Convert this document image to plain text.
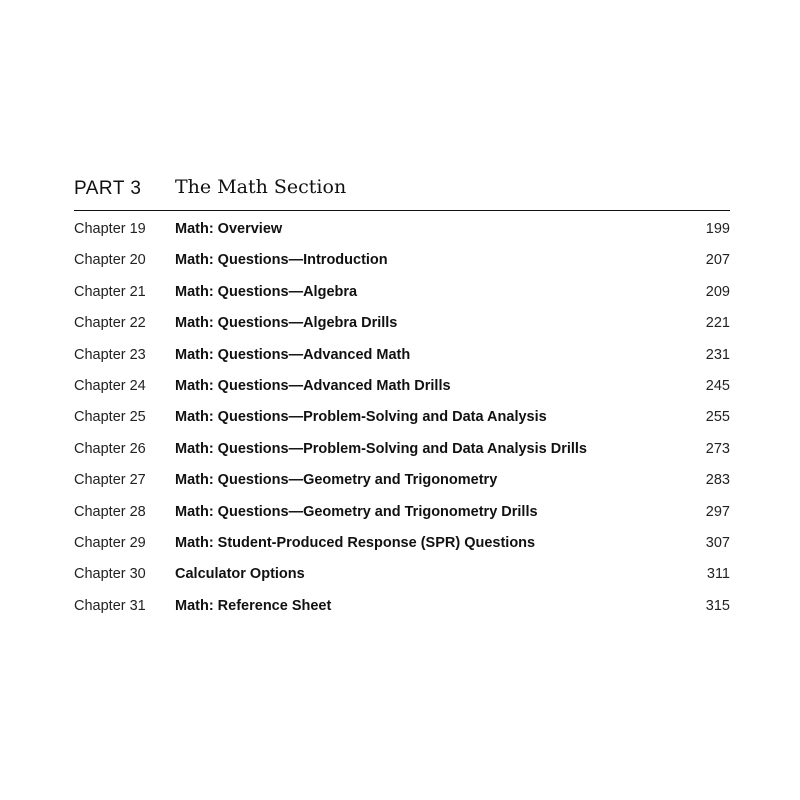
PART 3 The Math Section
Chapter 19 Math: Overview	199
Chapter 20 Math: Questions—Introduction	207
Chapter 21 Math: Questions—Algebra	209
Chapter 22 Math: Questions—Algebra Drills	221
Chapter 23 Math: Questions—Advanced Math	231
Chapter 24 Math: Questions—Advanced Math Drills	245
Chapter 25 Math: Questions—Problem-Solving and Data Analysis	255
Chapter 26 Math: Questions—Problem-Solving and Data Analysis Drills	273
Chapter 27 Math: Questions—Geometry and Trigonometry	283
Chapter 28 Math: Questions—Geometry and Trigonometry Drills	297
Chapter 29 Math: Student-Produced Response (SPR) Questions	307
Chapter 30 Calculator Options	311
Chapter 31 Math: Reference Sheet	315
